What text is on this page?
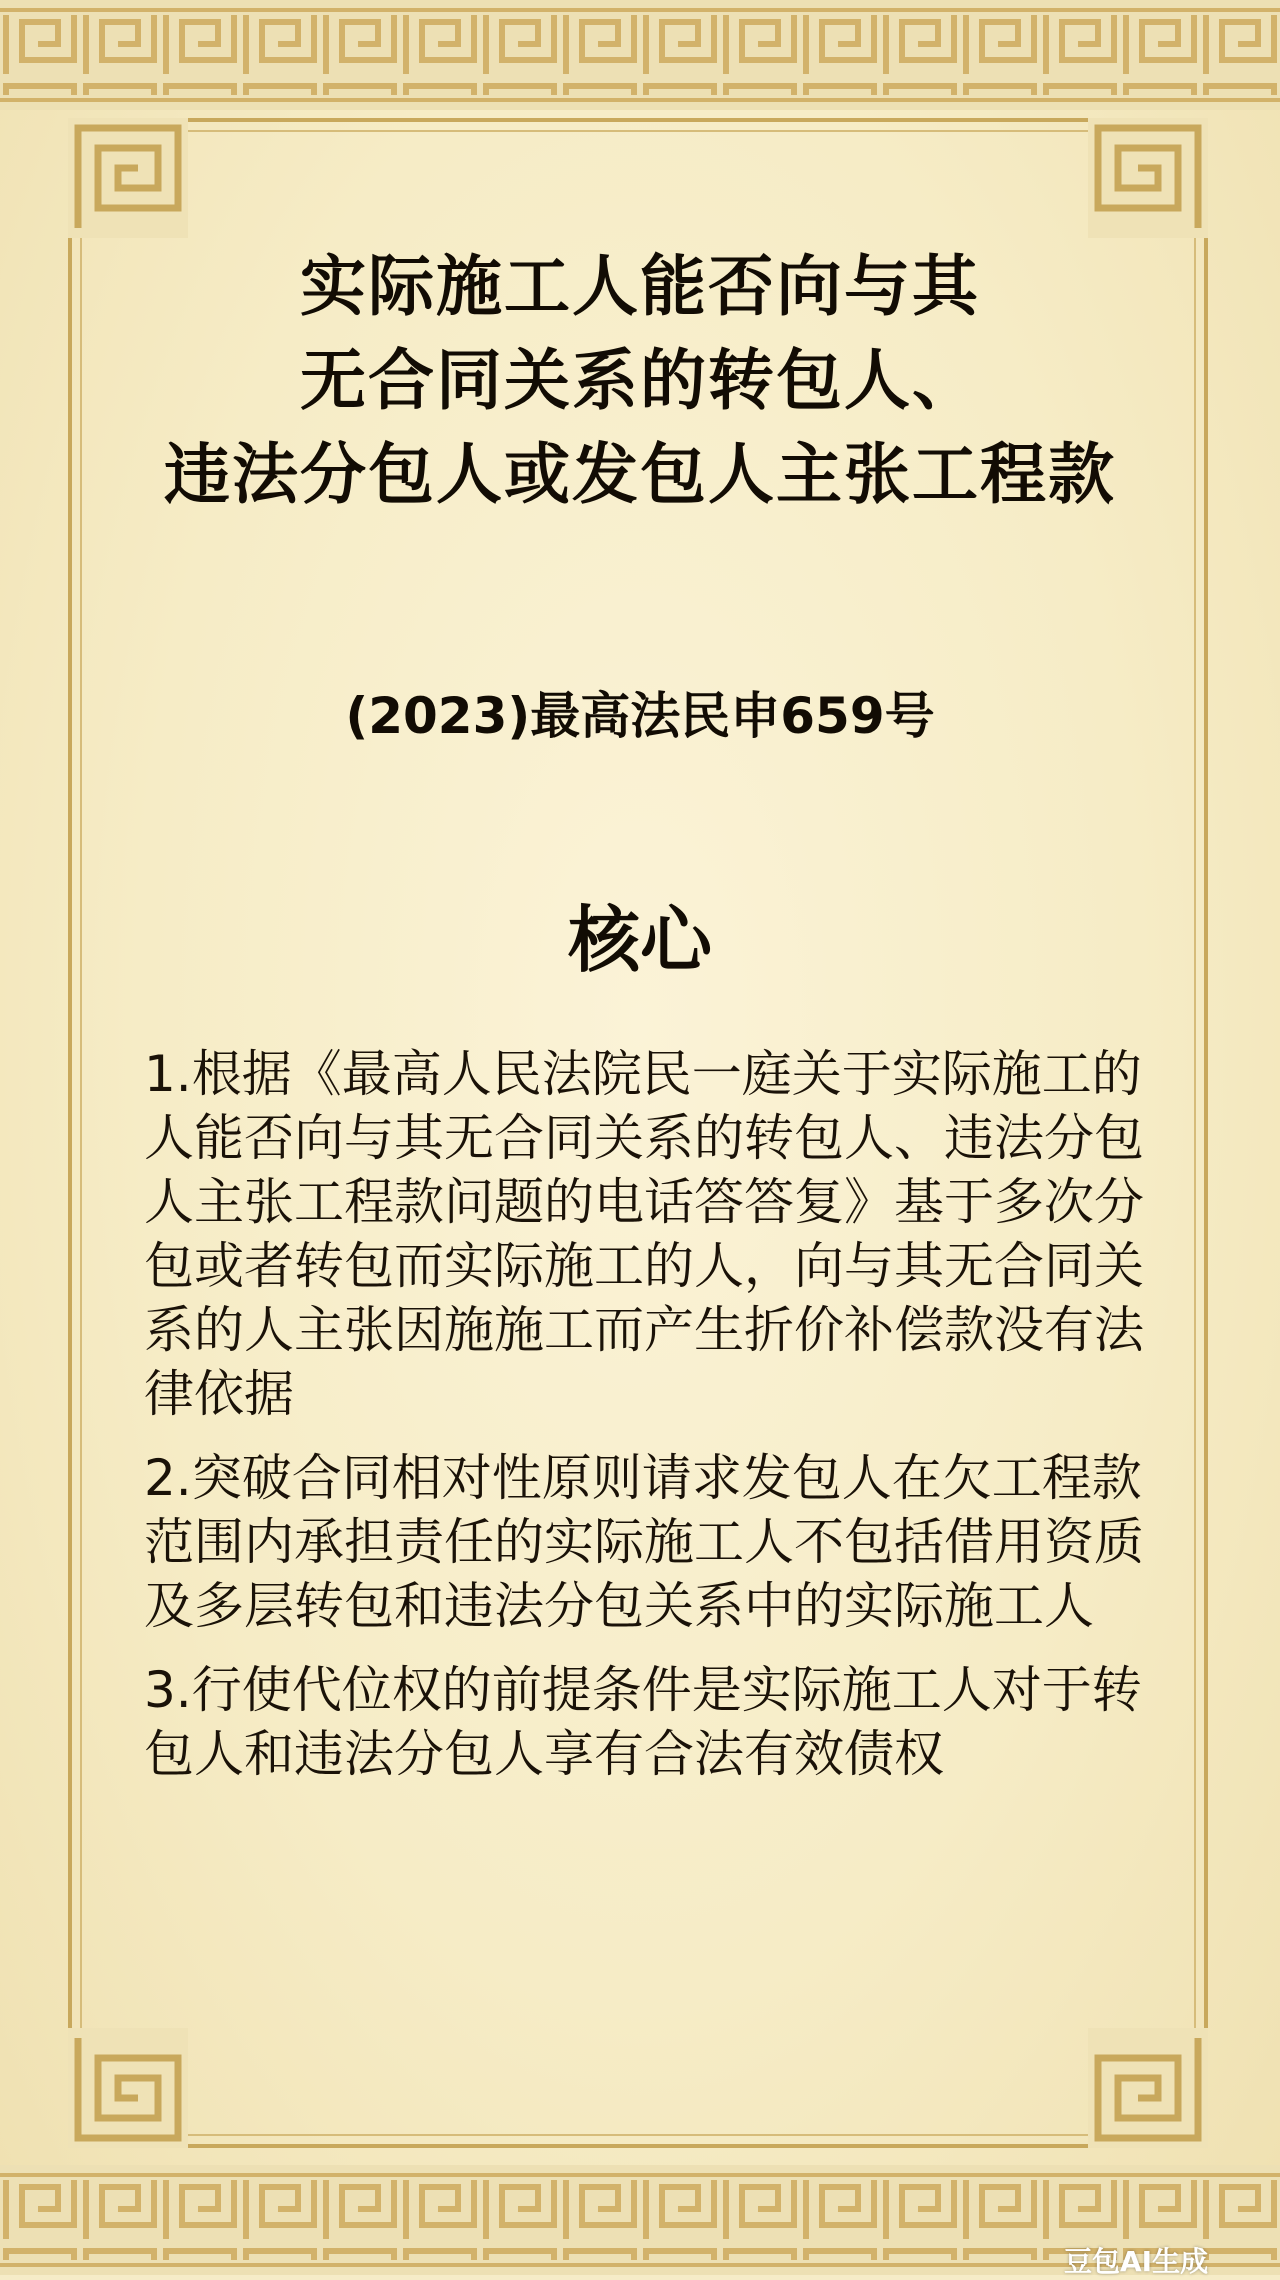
实际施工人能否向与其
无合同关系的转包人、
违法分包人或发包人主张工程款
(2023)最高法民申659号
核心

1.根据《最高人民法院民一庭关于实际施工的人能否向与其无合同关系的转包人、违法分包人主张工程款问题的电话答答复》基于多次分包或者转包而实际施工的人，向与其无合同关系的人主张因施施工而产生折价补偿款没有法律依据

2.突破合同相对性原则请求发包人在欠工程款范围内承担责任的实际施工人不包括借用资质及多层转包和违法分包关系中的实际施工人

3.行使代位权的前提条件是实际施工人对于转包人和违法分包人享有合法有效债权

豆包AI生成
